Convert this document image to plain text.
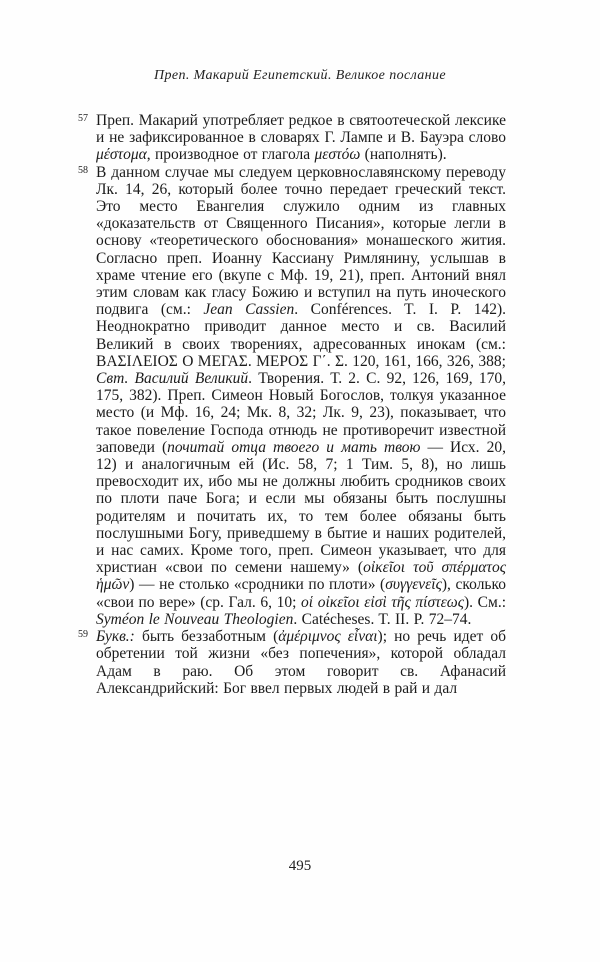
Преп. Макарий Египетский. Великое послание
57 Преп. Макарий употребляет редкое в святоотеческой лексике и не зафиксированное в словарях Г. Лампе и В. Бауэра слово μέστομα, производное от глагола μεστόω (наполнять).

58 В данном случае мы следуем церковнославянскому переводу Лк. 14, 26, который более точно передает греческий текст. Это место Евангелия служило одним из главных «доказательств от Священного Писания», которые легли в основу «теоретического обоснования» монашеского жития. Согласно преп. Иоанну Кассиану Римлянину, услышав в храме чтение его (вкупе с Мф. 19, 21), преп. Антоний внял этим словам как гласу Божию и вступил на путь иноческого подвига (см.: Jean Cassien. Conférences. T. I. P. 142). Неоднократно приводит данное место и св. Василий Великий в своих творениях, адресованных инокам (см.: ΒΑΣΙΛΕΙΟΣ Ο ΜΕΓΑΣ. ΜΕΡΟΣ Γ΄. Σ. 120, 161, 166, 326, 388; Свт. Василий Великий. Творения. Т. 2. С. 92, 126, 169, 170, 175, 382). Преп. Симеон Новый Богослов, толкуя указанное место (и Мф. 16, 24; Мк. 8, 32; Лк. 9, 23), показывает, что такое повеление Господа отнюдь не противоречит известной заповеди (почитай отца твоего и мать твою — Исх. 20, 12) и аналогичным ей (Ис. 58, 7; 1 Тим. 5, 8), но лишь превосходит их, ибо мы не должны любить сродников своих по плоти паче Бога; и если мы обязаны быть послушны родителям и почитать их, то тем более обязаны быть послушными Богу, приведшему в бытие и наших родителей, и нас самих. Кроме того, преп. Симеон указывает, что для христиан «свои по семени нашему» (οἰκεῖοι τοῦ σπέρματος ἡμῶν) — не столько «сродники по плоти» (συγγενεῖς), сколько «свои по вере» (ср. Гал. 6, 10; οἱ οἰκεῖοι εἰσὶ τῆς πίστεως). См.: Syméon le Nouveau Theologien. Catécheses. T. II. P. 72–74.

59 Букв.: быть беззаботным (ἀμέριμνος εἶναι); но речь идет об обретении той жизни «без попечения», которой обладал Адам в раю. Об этом говорит св. Афанасий Александрийский: Бог ввел первых людей в рай и дал

495
